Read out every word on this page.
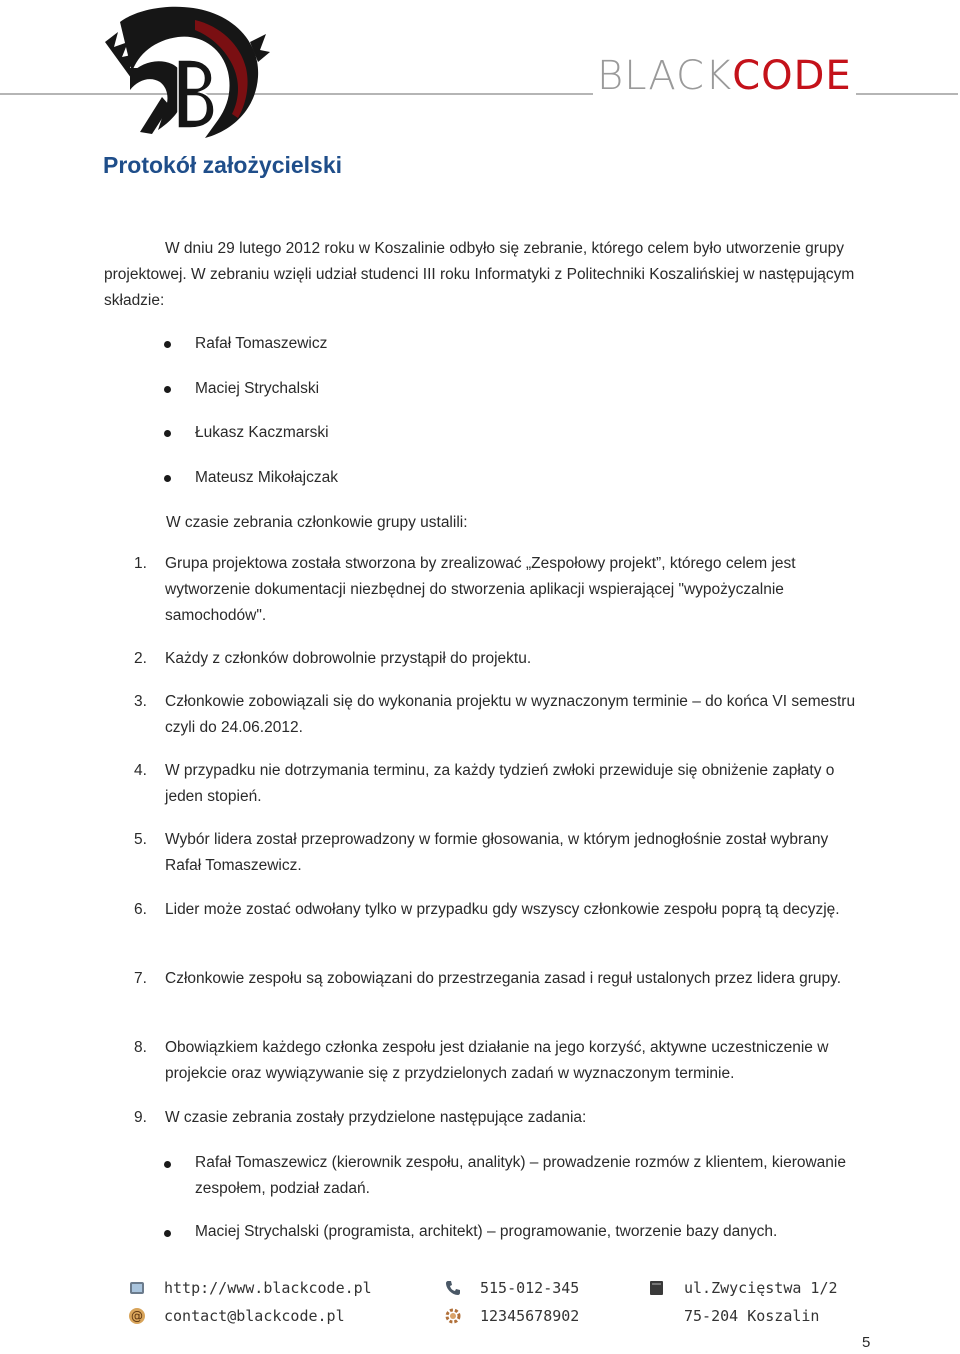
BLACKCODE
Protokół założycielski

W dniu 29 lutego 2012 roku w Koszalinie odbyło się zebranie, którego celem było utworzenie grupy projektowej. W zebraniu wzięli udział studenci III roku Informatyki z Politechniki Koszalińskiej w następującym składzie:

Rafał Tomaszewicz
Maciej Strychalski
Łukasz Kaczmarski
Mateusz Mikołajczak

W czasie zebrania członkowie grupy ustalili:

1. Grupa projektowa została stworzona by zrealizować „Zespołowy projekt”, którego celem jest wytworzenie dokumentacji niezbędnej do stworzenia aplikacji wspierającej "wypożyczalnie samochodów".
2. Każdy z członków dobrowolnie przystąpił do projektu.
3. Członkowie zobowiązali się do wykonania projektu w wyznaczonym terminie – do końca VI semestru czyli do 24.06.2012.
4. W przypadku nie dotrzymania terminu, za każdy tydzień zwłoki przewiduje się obniżenie zapłaty o jeden stopień.
5. Wybór lidera został przeprowadzony w formie głosowania, w którym jednogłośnie został wybrany Rafał Tomaszewicz.
6. Lider może zostać odwołany tylko w przypadku gdy wszyscy członkowie zespołu poprą tą decyzję.
7. Członkowie zespołu są zobowiązani do przestrzegania zasad i reguł ustalonych przez lidera grupy.
8. Obowiązkiem każdego członka zespołu jest działanie na jego korzyść, aktywne uczestniczenie w projekcie oraz wywiązywanie się z przydzielonych zadań w wyznaczonym terminie.
9. W czasie zebrania zostały przydzielone następujące zadania:
Rafał Tomaszewicz (kierownik zespołu, analityk) – prowadzenie rozmów z klientem, kierowanie zespołem, podział zadań.
Maciej Strychalski (programista, architekt) – programowanie, tworzenie bazy danych.
http://www.blackcode.pl
@ contact@blackcode.pl
515-012-345
12345678902
ul.Zwycięstwa 1/2
75-204 Koszalin
5
